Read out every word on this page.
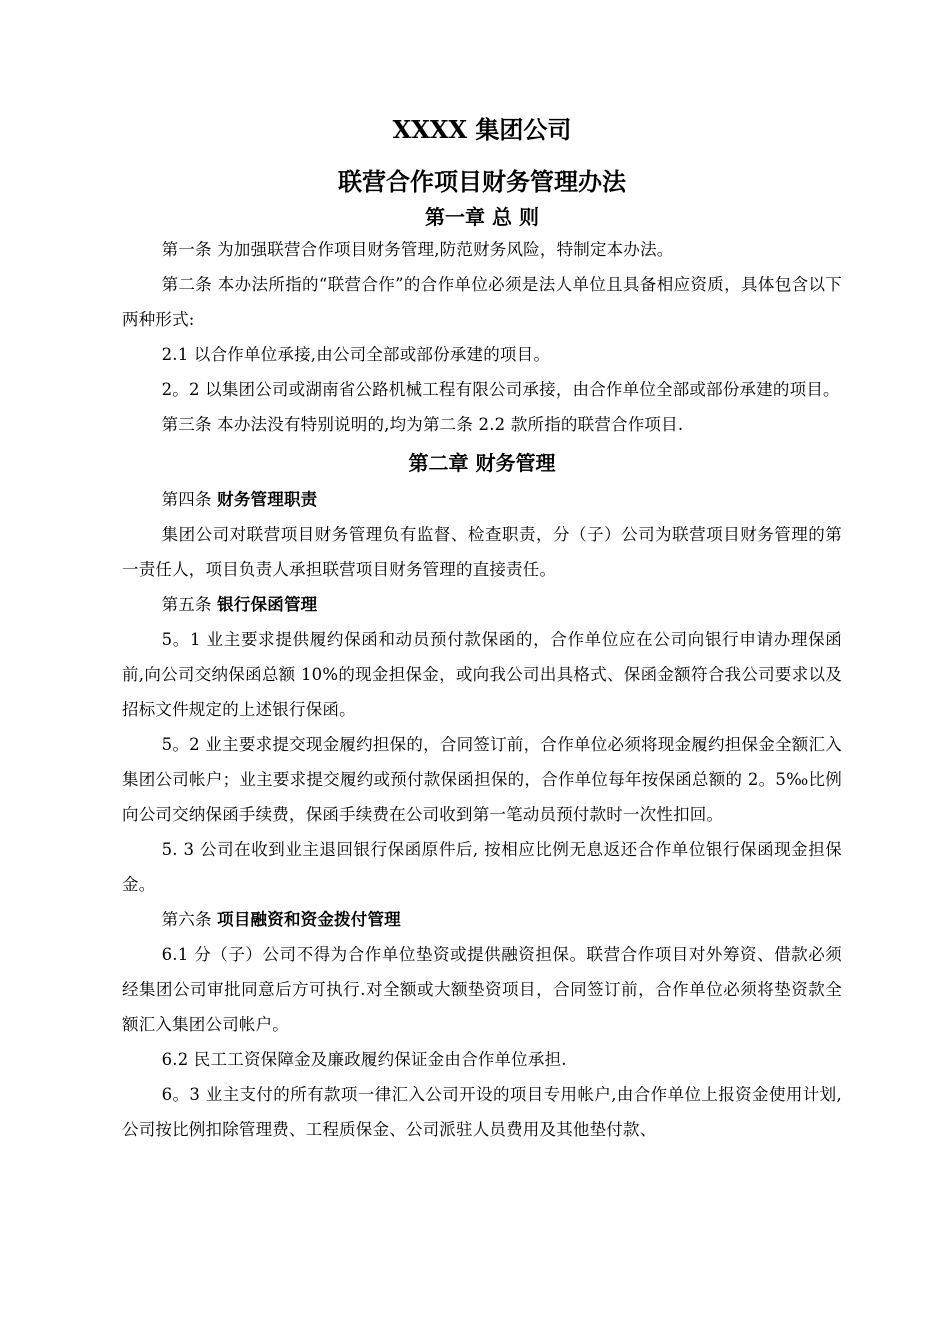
XXXX 集团公司
联营合作项目财务管理办法
第一章 总 则

第一条 为加强联营合作项目财务管理,防范财务风险，特制定本办法。

第二条 本办法所指的“联营合作”的合作单位必须是法人单位且具备相应资质，具体包含以下两种形式:

2.1 以合作单位承接,由公司全部或部份承建的项目。

2。2 以集团公司或湖南省公路机械工程有限公司承接，由合作单位全部或部份承建的项目。

第三条 本办法没有特别说明的,均为第二条 2.2 款所指的联营合作项目.

第二章 财务管理

第四条 财务管理职责

集团公司对联营项目财务管理负有监督、检查职责，分（子）公司为联营项目财务管理的第一责任人，项目负责人承担联营项目财务管理的直接责任。

第五条 银行保函管理

5。1 业主要求提供履约保函和动员预付款保函的，合作单位应在公司向银行申请办理保函前,向公司交纳保函总额 10%的现金担保金，或向我公司出具格式、保函金额符合我公司要求以及招标文件规定的上述银行保函。

5。2 业主要求提交现金履约担保的，合同签订前，合作单位必须将现金履约担保金全额汇入集团公司帐户；业主要求提交履约或预付款保函担保的，合作单位每年按保函总额的 2。5‰比例向公司交纳保函手续费，保函手续费在公司收到第一笔动员预付款时一次性扣回。

5. 3 公司在收到业主退回银行保函原件后, 按相应比例无息返还合作单位银行保函现金担保金。

第六条 项目融资和资金拨付管理

6.1 分（子）公司不得为合作单位垫资或提供融资担保。联营合作项目对外筹资、借款必须经集团公司审批同意后方可执行.对全额或大额垫资项目，合同签订前，合作单位必须将垫资款全额汇入集团公司帐户。

6.2 民工工资保障金及廉政履约保证金由合作单位承担.

6。3 业主支付的所有款项一律汇入公司开设的项目专用帐户,由合作单位上报资金使用计划,公司按比例扣除管理费、工程质保金、公司派驻人员费用及其他垫付款、
